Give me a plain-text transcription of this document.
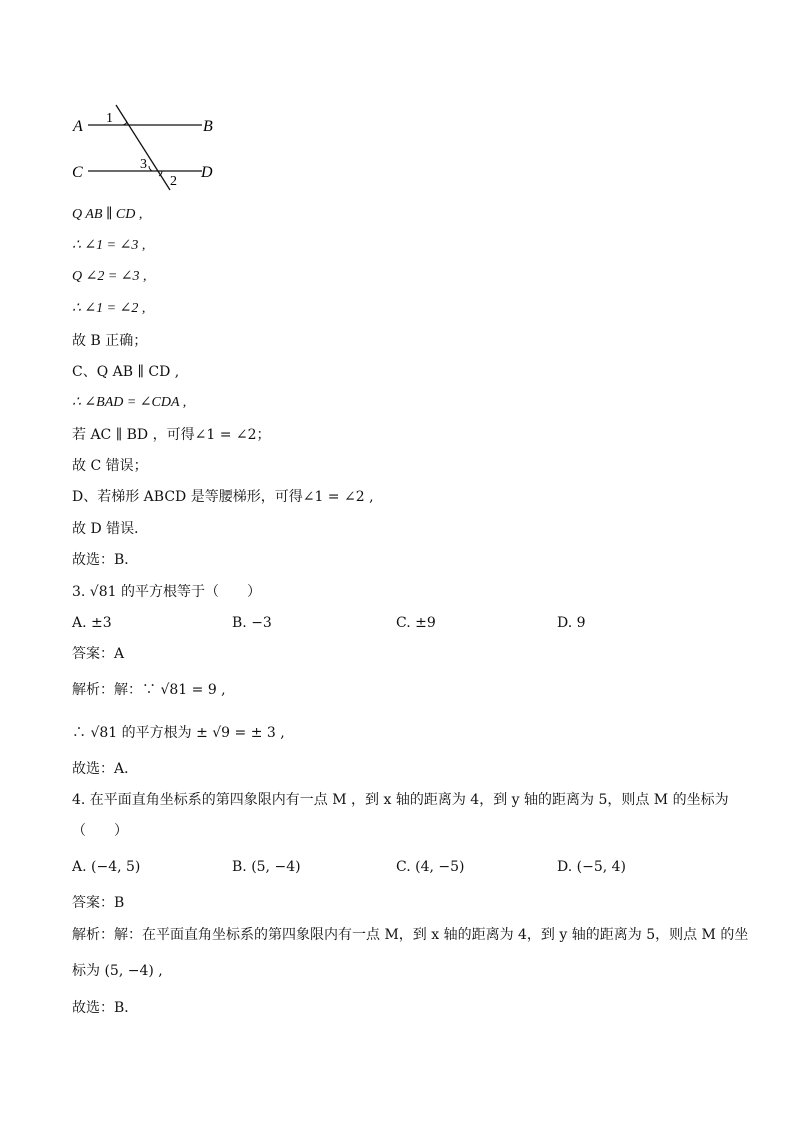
A	B
C	D
1
3
2
Q AB ∥ CD ,
∴ ∠1 = ∠3 ,
Q ∠2 = ∠3 ,
∴ ∠1 = ∠2 ,
故 B 正确；
C、Q AB ∥ CD ,
∴ ∠BAD = ∠CDA ,
若 AC ∥ BD ，可得∠1 = ∠2；
故 C 错误；
D、若梯形 ABCD 是等腰梯形，可得∠1 = ∠2 ,
故 D 错误．
故选：B．
3. √81 的平方根等于（　　）
A. ±3	B. −3	C. ±9	D. 9
答案：A
解析：解：∵ √81 = 9 ,
∴ √81 的平方根为 ± √9 = ± 3 ,
故选：A．
4. 在平面直角坐标系的第四象限内有一点 M ，到 x 轴的距离为 4，到 y 轴的距离为 5，则点 M 的坐标为
（　　）
A. (−4, 5)	B. (5, −4)	C. (4, −5)	D. (−5, 4)
答案：B
解析：解：在平面直角坐标系的第四象限内有一点 M，到 x 轴的距离为 4，到 y 轴的距离为 5，则点 M 的坐
标为 (5, −4) ,
故选：B．
